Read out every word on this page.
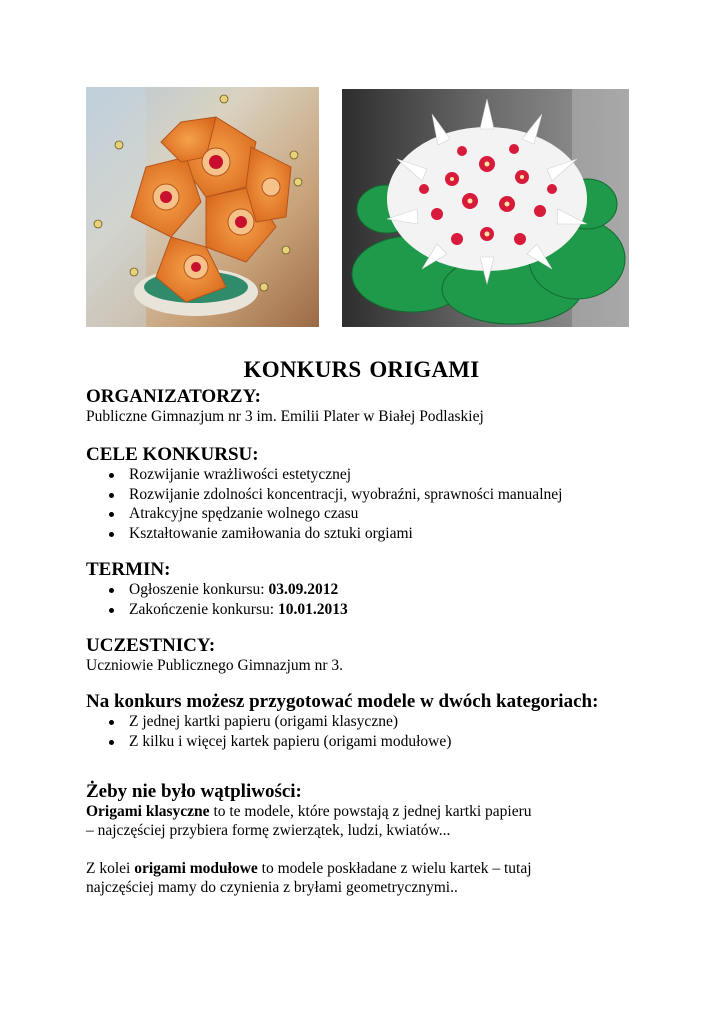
KONKURS ORIGAMI
ORGANIZATORZY:

Publiczne Gimnazjum nr 3 im. Emilii Plater w Białej Podlaskiej

CELE KONKURSU:
Rozwijanie wrażliwości estetycznej
Rozwijanie zdolności koncentracji, wyobraźni, sprawności manualnej
Atrakcyjne spędzanie wolnego czasu
Kształtowanie zamiłowania do sztuki orgiami
TERMIN:
Ogłoszenie konkursu: 03.09.2012
Zakończenie konkursu: 10.01.2013
UCZESTNICY:

Uczniowie Publicznego Gimnazjum nr 3.

Na konkurs możesz przygotować modele w dwóch kategoriach:
Z jednej kartki papieru (origami klasyczne)
Z kilku i więcej kartek papieru (origami modułowe)
Żeby nie było wątpliwości:

Origami klasyczne to te modele, które powstają z jednej kartki papieru
– najczęściej przybiera formę zwierzątek, ludzi, kwiatów...

Z kolei origami modułowe to modele poskładane z wielu kartek – tutaj
najczęściej mamy do czynienia z bryłami geometrycznymi..
